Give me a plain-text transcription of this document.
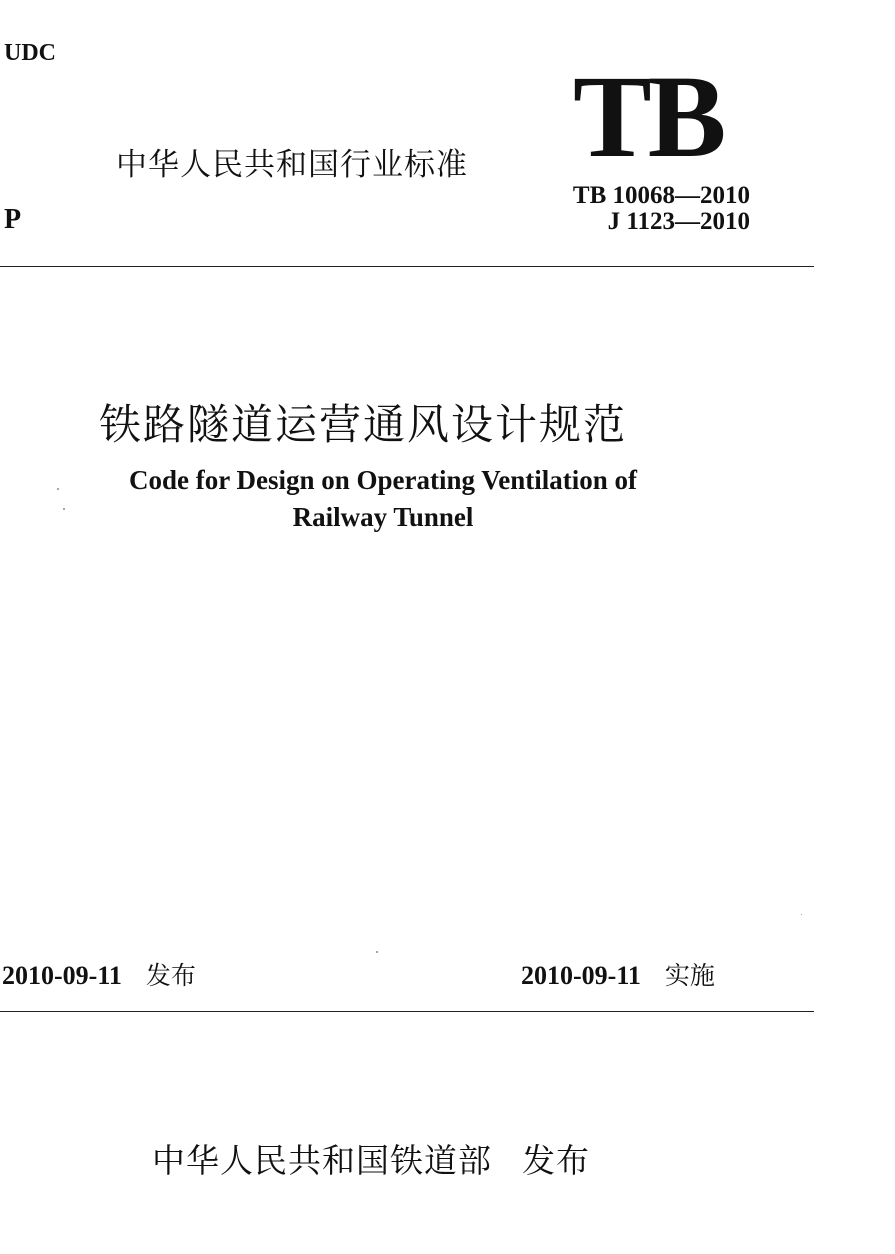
UDC
P
中华人民共和国行业标准 TB
TB 10068—2010
J 1123—2010
铁路隧道运营通风设计规范
Code for Design on Operating Ventilation of
Railway Tunnel
2010-09-11 发布	2010-09-11 实施
中华人民共和国铁道部 发布
